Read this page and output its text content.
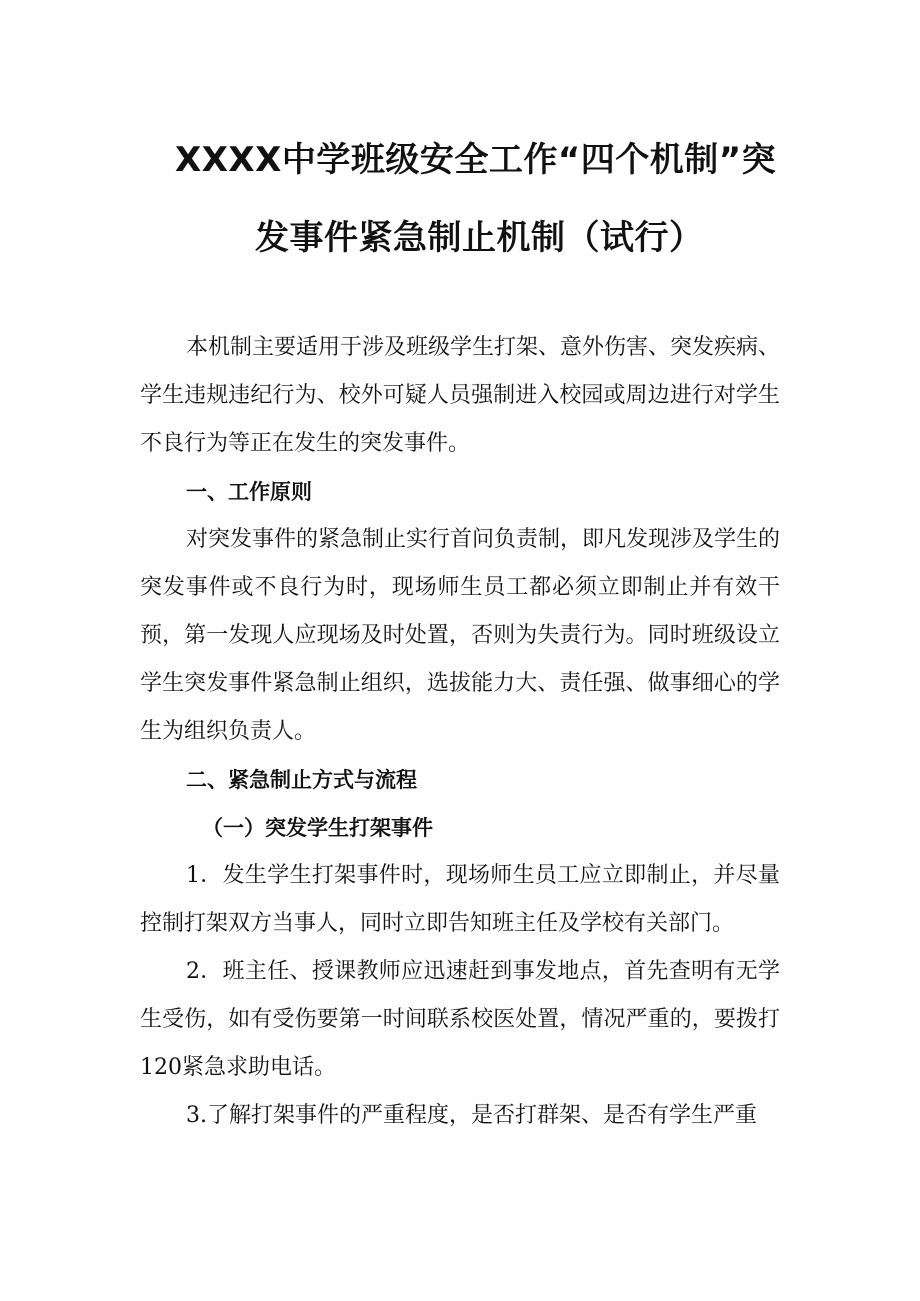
XXXX中学班级安全工作“四个机制”突
发事件紧急制止机制（试行）

本机制主要适用于涉及班级学生打架、意外伤害、突发疾病、学生违规违纪行为、校外可疑人员强制进入校园或周边进行对学生不良行为等正在发生的突发事件。

一、工作原则

对突发事件的紧急制止实行首问负责制，即凡发现涉及学生的突发事件或不良行为时，现场师生员工都必须立即制止并有效干预，第一发现人应现场及时处置，否则为失责行为。同时班级设立学生突发事件紧急制止组织，选拔能力大、责任强、做事细心的学生为组织负责人。

二、紧急制止方式与流程

（一）突发学生打架事件

1．发生学生打架事件时，现场师生员工应立即制止，并尽量控制打架双方当事人，同时立即告知班主任及学校有关部门。

2．班主任、授课教师应迅速赶到事发地点，首先查明有无学生受伤，如有受伤要第一时间联系校医处置，情况严重的，要拨打120紧急求助电话。

3.了解打架事件的严重程度，是否打群架、是否有学生严重
